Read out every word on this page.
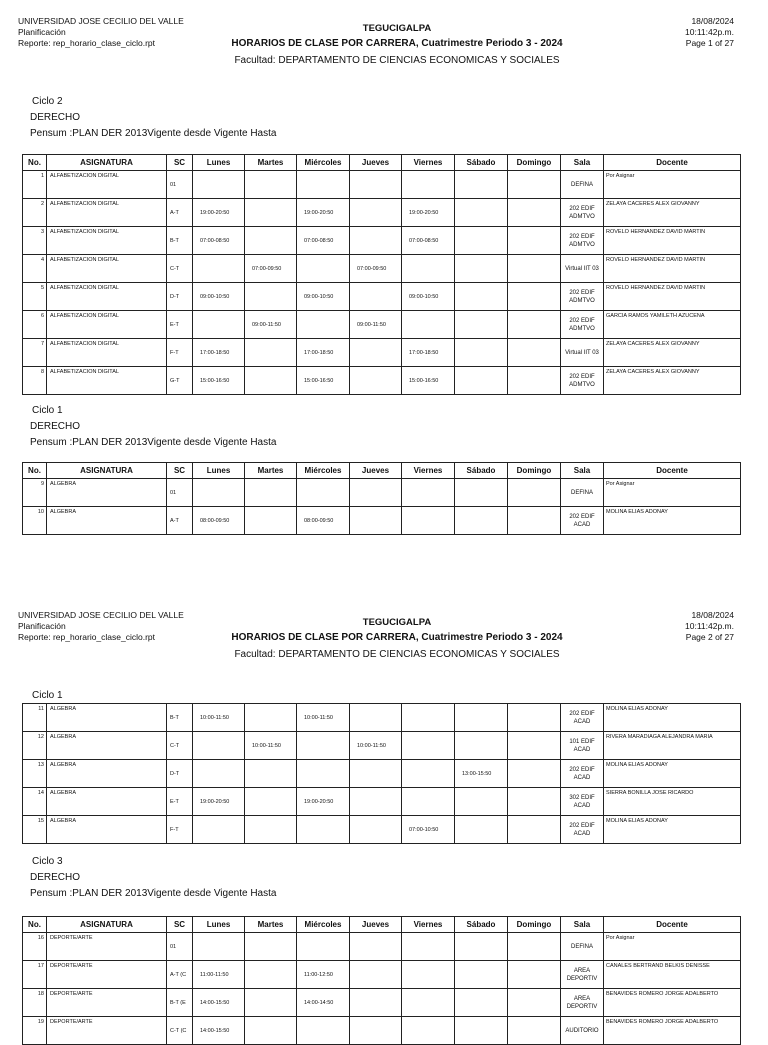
UNIVERSIDAD JOSE CECILIO DEL VALLE
Planificación
Reporte: rep_horario_clase_ciclo.rpt
TEGUCIGALPA
HORARIOS DE CLASE POR CARRERA, Cuatrimestre Periodo 3 - 2024
Facultad: DEPARTAMENTO DE CIENCIAS ECONOMICAS Y SOCIALES
18/08/2024
10:11:42p.m.
Page 1 of 27
Ciclo 2
DERECHO
Pensum :PLAN DER 2013Vigente desde Vigente Hasta
No.	ASIGNATURA	SC	Lunes	Martes	Miércoles	Jueves	Viernes	Sábado	Domingo	Sala	Docente
1	ALFABETIZACION DIGITAL	01								DEFINA	Por Asignar
2	ALFABETIZACION DIGITAL	A-T	19:00-20:50		19:00-20:50		19:00-20:50			202 EDIF ADMTVO	ZELAYA CACERES ALEX GIOVANNY
3	ALFABETIZACION DIGITAL	B-T	07:00-08:50		07:00-08:50		07:00-08:50			202 EDIF ADMTVO	ROVELO HERNANDEZ DAVID MARTIN
4	ALFABETIZACION DIGITAL	C-T		07:00-09:50		07:00-09:50				Virtual IIT 03	ROVELO HERNANDEZ DAVID MARTIN
5	ALFABETIZACION DIGITAL	D-T	09:00-10:50		09:00-10:50		09:00-10:50			202 EDIF ADMTVO	ROVELO HERNANDEZ DAVID MARTIN
6	ALFABETIZACION DIGITAL	E-T		09:00-11:50		09:00-11:50				202 EDIF ADMTVO	GARCIA RAMOS YAMILETH AZUCENA
7	ALFABETIZACION DIGITAL	F-T	17:00-18:50		17:00-18:50		17:00-18:50			Virtual IIT 03	ZELAYA CACERES ALEX GIOVANNY
8	ALFABETIZACION DIGITAL	G-T	15:00-16:50		15:00-16:50		15:00-16:50			202 EDIF ADMTVO	ZELAYA CACERES ALEX GIOVANNY
Ciclo 1
DERECHO
Pensum :PLAN DER 2013Vigente desde Vigente Hasta
No.	ASIGNATURA	SC	Lunes	Martes	Miércoles	Jueves	Viernes	Sábado	Domingo	Sala	Docente
9	ALGEBRA	01								DEFINA	Por Asignar
10	ALGEBRA	A-T	08:00-09:50		08:00-09:50					202 EDIF ACAD	MOLINA ELIAS ADONAY
UNIVERSIDAD JOSE CECILIO DEL VALLE
Planificación
Reporte: rep_horario_clase_ciclo.rpt
TEGUCIGALPA
HORARIOS DE CLASE POR CARRERA, Cuatrimestre Periodo 3 - 2024
Facultad: DEPARTAMENTO DE CIENCIAS ECONOMICAS Y SOCIALES
18/08/2024
10:11:42p.m.
Page 2 of 27
Ciclo 1
11	ALGEBRA	B-T	10:00-11:50		10:00-11:50					202 EDIF ACAD	MOLINA ELIAS ADONAY
12	ALGEBRA	C-T		10:00-11:50		10:00-11:50				101 EDIF ACAD	RIVERA MARADIAGA ALEJANDRA MARIA
13	ALGEBRA	D-T						13:00-15:50		202 EDIF ACAD	MOLINA ELIAS ADONAY
14	ALGEBRA	E-T	19:00-20:50		19:00-20:50					302 EDIF ACAD	SIERRA BONILLA JOSE RICARDO
15	ALGEBRA	F-T					07:00-10:50			202 EDIF ACAD	MOLINA ELIAS ADONAY
Ciclo 3
DERECHO
Pensum :PLAN DER 2013Vigente desde Vigente Hasta
No.	ASIGNATURA	SC	Lunes	Martes	Miércoles	Jueves	Viernes	Sábado	Domingo	Sala	Docente
16	DEPORTE/ARTE	01								DEFINA	Por Asignar
17	DEPORTE/ARTE	A-T (C	11:00-11:50		11:00-12:50					AREA DEPORTIV	CANALES BERTRAND BELKIS DENISSE
18	DEPORTE/ARTE	B-T (E	14:00-15:50		14:00-14:50					AREA DEPORTIV	BENAVIDES ROMERO JORGE ADALBERTO
19	DEPORTE/ARTE	C-T (C	14:00-15:50							AUDITORIO	BENAVIDES ROMERO JORGE ADALBERTO
